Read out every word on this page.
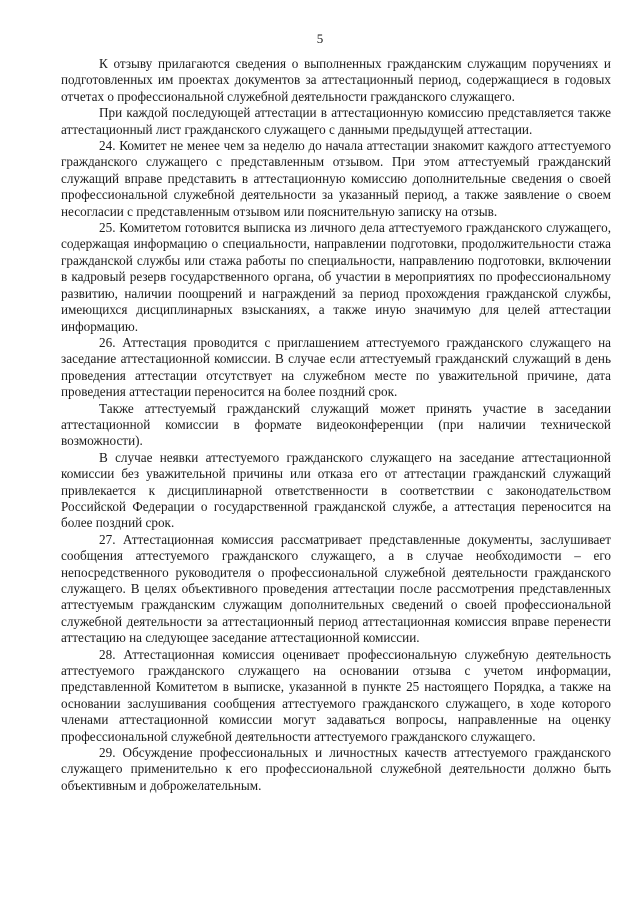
5

К отзыву прилагаются сведения о выполненных гражданским служащим поручениях и подготовленных им проектах документов за аттестационный период, содержащиеся в годовых отчетах о профессиональной служебной деятельности гражданского служащего.

При каждой последующей аттестации в аттестационную комиссию представляется также аттестационный лист гражданского служащего с данными предыдущей аттестации.

24. Комитет не менее чем за неделю до начала аттестации знакомит каждого аттестуемого гражданского служащего с представленным отзывом. При этом аттестуемый гражданский служащий вправе представить в аттестационную комиссию дополнительные сведения о своей профессиональной служебной деятельности за указанный период, а также заявление о своем несогласии с представленным отзывом или пояснительную записку на отзыв.

25. Комитетом готовится выписка из личного дела аттестуемого гражданского служащего, содержащая информацию о специальности, направлении подготовки, продолжительности стажа гражданской службы или стажа работы по специальности, направлению подготовки, включении в кадровый резерв государственного органа, об участии в мероприятиях по профессиональному развитию, наличии поощрений и награждений за период прохождения гражданской службы, имеющихся дисциплинарных взысканиях, а также иную значимую для целей аттестации информацию.

26. Аттестация проводится с приглашением аттестуемого гражданского служащего на заседание аттестационной комиссии. В случае если аттестуемый гражданский служащий в день проведения аттестации отсутствует на служебном месте по уважительной причине, дата проведения аттестации переносится на более поздний срок.

Также аттестуемый гражданский служащий может принять участие в заседании аттестационной комиссии в формате видеоконференции (при наличии технической возможности).

В случае неявки аттестуемого гражданского служащего на заседание аттестационной комиссии без уважительной причины или отказа его от аттестации гражданский служащий привлекается к дисциплинарной ответственности в соответствии с законодательством Российской Федерации о государственной гражданской службе, а аттестация переносится на более поздний срок.

27. Аттестационная комиссия рассматривает представленные документы, заслушивает сообщения аттестуемого гражданского служащего, а в случае необходимости – его непосредственного руководителя о профессиональной служебной деятельности гражданского служащего. В целях объективного проведения аттестации после рассмотрения представленных аттестуемым гражданским служащим дополнительных сведений о своей профессиональной служебной деятельности за аттестационный период аттестационная комиссия вправе перенести аттестацию на следующее заседание аттестационной комиссии.

28. Аттестационная комиссия оценивает профессиональную служебную деятельность аттестуемого гражданского служащего на основании отзыва с учетом информации, представленной Комитетом в выписке, указанной в пункте 25 настоящего Порядка, а также на основании заслушивания сообщения аттестуемого гражданского служащего, в ходе которого членами аттестационной комиссии могут задаваться вопросы, направленные на оценку профессиональной служебной деятельности аттестуемого гражданского служащего.

29. Обсуждение профессиональных и личностных качеств аттестуемого гражданского служащего применительно к его профессиональной служебной деятельности должно быть объективным и доброжелательным.
